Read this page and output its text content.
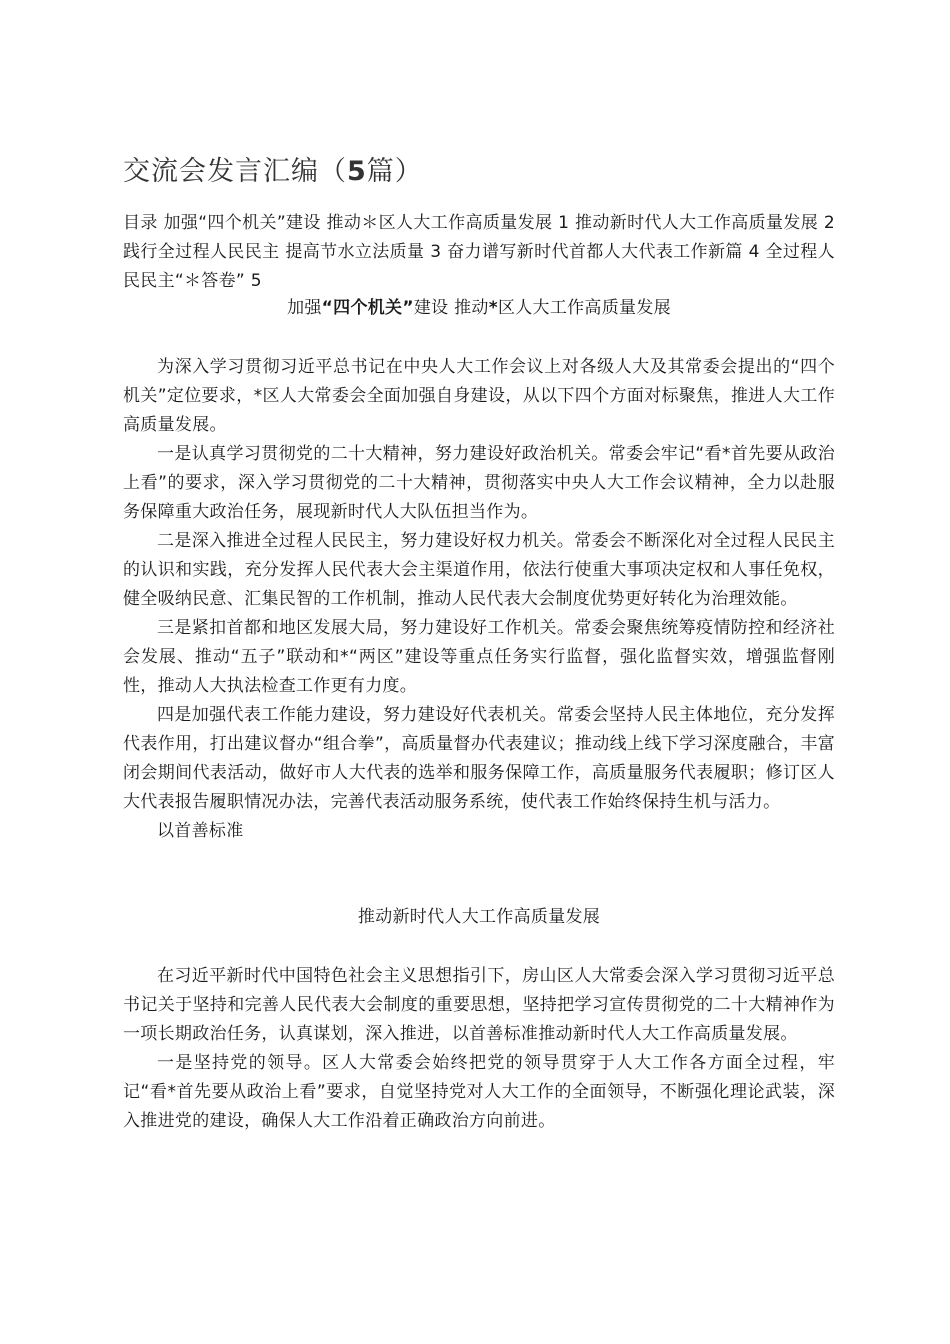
交流会发言汇编（5篇）
目录 加强“四个机关”建设 推动＊区人大工作高质量发展 1 推动新时代人大工作高质量发展 2 践行全过程人民民主 提高节水立法质量 3 奋力谱写新时代首都人大代表工作新篇 4 全过程人民民主“＊答卷” 5
加强“四个机关”建设 推动*区人大工作高质量发展

为深入学习贯彻习近平总书记在中央人大工作会议上对各级人大及其常委会提出的“四个机关”定位要求，*区人大常委会全面加强自身建设，从以下四个方面对标聚焦，推进人大工作高质量发展。

一是认真学习贯彻党的二十大精神，努力建设好政治机关。常委会牢记“看*首先要从政治上看”的要求，深入学习贯彻党的二十大精神，贯彻落实中央人大工作会议精神，全力以赴服务保障重大政治任务，展现新时代人大队伍担当作为。

二是深入推进全过程人民民主，努力建设好权力机关。常委会不断深化对全过程人民民主的认识和实践，充分发挥人民代表大会主渠道作用，依法行使重大事项决定权和人事任免权，健全吸纳民意、汇集民智的工作机制，推动人民代表大会制度优势更好转化为治理效能。

三是紧扣首都和地区发展大局，努力建设好工作机关。常委会聚焦统筹疫情防控和经济社会发展、推动“五子”联动和*“两区”建设等重点任务实行监督，强化监督实效，增强监督刚性，推动人大执法检查工作更有力度。

四是加强代表工作能力建设，努力建设好代表机关。常委会坚持人民主体地位，充分发挥代表作用，打出建议督办“组合拳”，高质量督办代表建议；推动线上线下学习深度融合，丰富闭会期间代表活动，做好市人大代表的选举和服务保障工作，高质量服务代表履职；修订区人大代表报告履职情况办法，完善代表活动服务系统，使代表工作始终保持生机与活力。

以首善标准

推动新时代人大工作高质量发展

在习近平新时代中国特色社会主义思想指引下，房山区人大常委会深入学习贯彻习近平总书记关于坚持和完善人民代表大会制度的重要思想，坚持把学习宣传贯彻党的二十大精神作为一项长期政治任务，认真谋划，深入推进，以首善标准推动新时代人大工作高质量发展。

一是坚持党的领导。区人大常委会始终把党的领导贯穿于人大工作各方面全过程，牢记“看*首先要从政治上看”要求，自觉坚持党对人大工作的全面领导，不断强化理论武装，深入推进党的建设，确保人大工作沿着正确政治方向前进。
